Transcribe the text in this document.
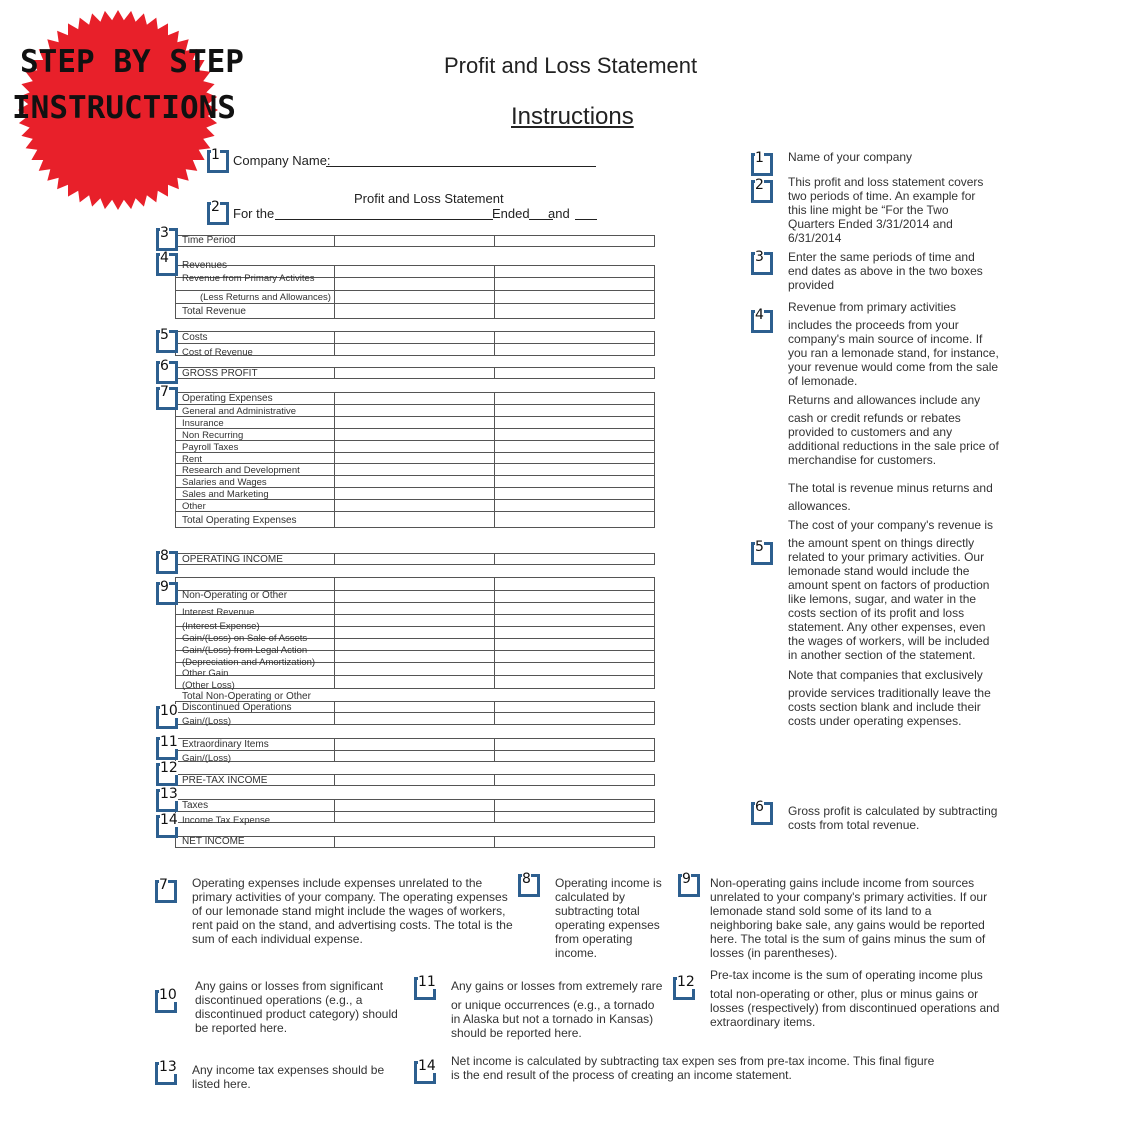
STEP BY STEP
INSTRUCTIONS
Profit and Loss Statement
Instructions
1 Company Name:
Profit and Loss Statement
2 For the	Ended and
Time Period
Revenues
Revenue from Primary Activites
(Less Returns and Allowances)
Total Revenue
Costs
Cost of Revenue
GROSS PROFIT
Operating Expenses
General and Administrative
Insurance
Non Recurring
Payroll Taxes
Rent
Research and Development
Salaries and Wages
Sales and Marketing
Other
Total Operating Expenses
OPERATING INCOME
Non-Operating or Other
Interest Revenue
(Interest Expense)
Gain/(Loss) on Sale of Assets
Gain/(Loss) from Legal Action
(Depreciation and Amortization)
Other Gain
(Other Loss)
Total Non-Operating or Other
Discontinued Operations
Gain/(Loss)
Extraordinary Items
Gain/(Loss)
PRE-TAX INCOME
Taxes
Income Tax Expense
NET INCOME
3
4
5
6
7
8
9
10
11
12
13
14
1 Name of your company
2 This profit and loss statement covers two periods of time. An example for this line might be “For the Two Quarters Ended 3/31/2014 and 6/31/2014
3 Enter the same periods of time and end dates as above in the two boxes provided
Revenue from primary activities
4
includes the proceeds from your company's main source of income. If you ran a lemonade stand, for instance, your revenue would come from the sale of lemonade.
Returns and allowances include any
cash or credit refunds or rebates provided to customers and any additional reductions in the sale price of merchandise for customers.
The total is revenue minus returns and
allowances.
The cost of your company's revenue is
5 the amount spent on things directly related to your primary activities. Our lemonade stand would include the amount spent on factors of production like lemons, sugar, and water in the costs section of its profit and loss statement. Any other expenses, even the wages of workers, will be included in another section of the statement.
Note that companies that exclusively
provide services traditionally leave the costs section blank and include their costs under operating expenses.
6 Gross profit is calculated by subtracting costs from total revenue.
7 Operating expenses include expenses unrelated to the primary activities of your company. The operating expenses of our lemonade stand might include the wages of workers, rent paid on the stand, and advertising costs. The total is the sum of each individual expense.
8 Operating income is calculated by subtracting total operating expenses from operating income.
9 Non-operating gains include income from sources unrelated to your company's primary activities. If our lemonade stand sold some of its land to a neighboring bake sale, any gains would be reported here. The total is the sum of gains minus the sum of losses (in parentheses).
10
Any gains or losses from significant discontinued operations (e.g., a discontinued product category) should be reported here.
11 Any gains or losses from extremely rare
or unique occurrences (e.g., a tornado in Alaska but not a tornado in Kansas) should be reported here.
Pre-tax income is the sum of operating income plus
12
total non-operating or other, plus or minus gains or losses (respectively) from discontinued operations and extraordinary items.
13 Any income tax expenses should be listed here.
14 Net income is calculated by subtracting tax expen ses from pre-tax income. This final figure is the end result of the process of creating an income statement.
